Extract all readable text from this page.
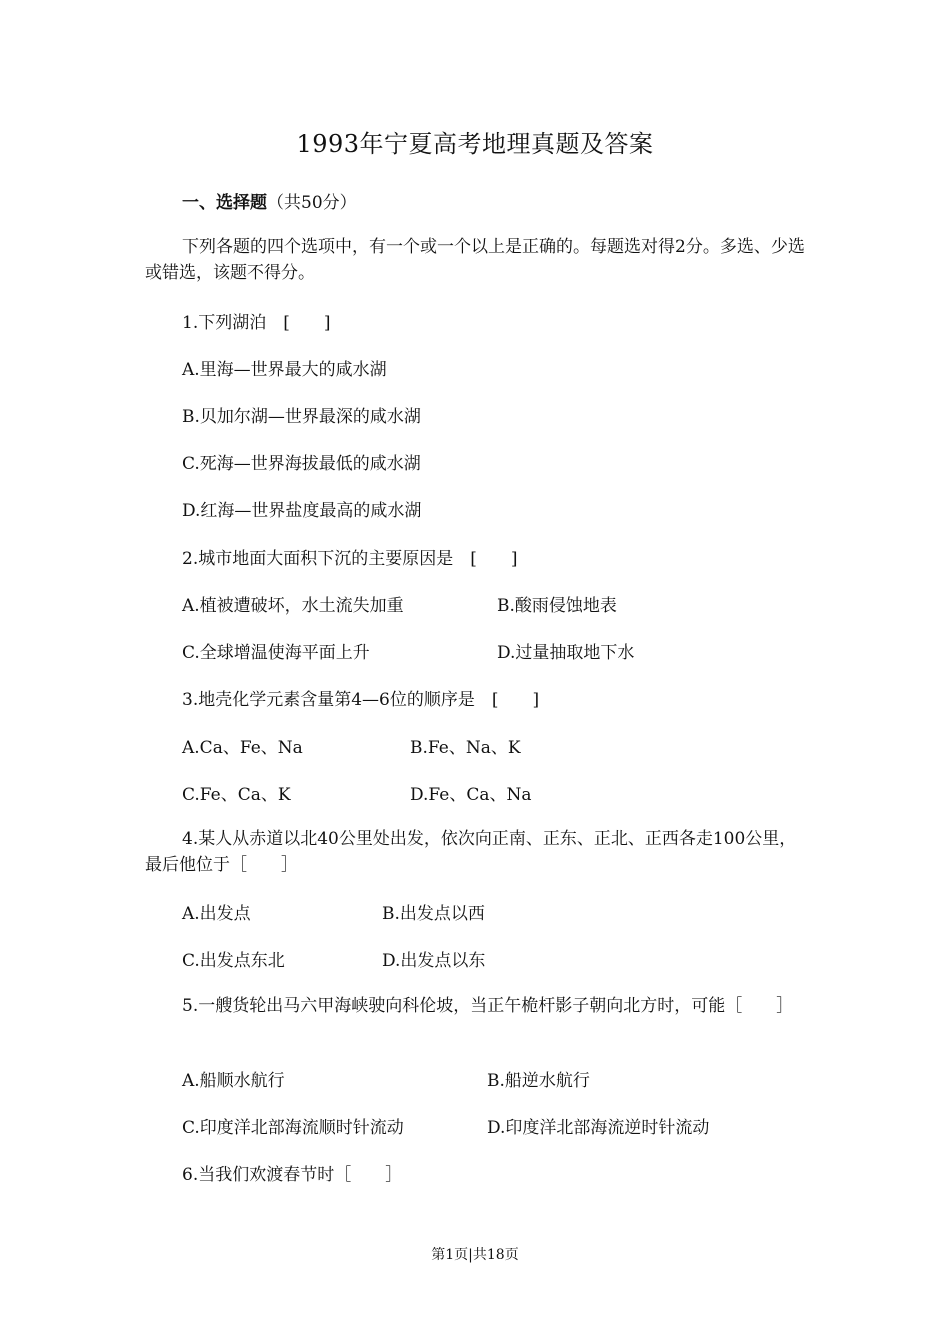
1993年宁夏高考地理真题及答案
一、选择题（共50分）
下列各题的四个选项中，有一个或一个以上是正确的。每题选对得2分。多选、少选或错选，该题不得分。
1.下列湖泊　[　　]
A.里海—世界最大的咸水湖
B.贝加尔湖—世界最深的咸水湖
C.死海—世界海拔最低的咸水湖
D.红海—世界盐度最高的咸水湖
2.城市地面大面积下沉的主要原因是　[　　]
A.植被遭破坏，水土流失加重	B.酸雨侵蚀地表
C.全球增温使海平面上升	D.过量抽取地下水
3.地壳化学元素含量第4—6位的顺序是　[　　]
A.Ca、Fe、Na	B.Fe、Na、K
C.Fe、Ca、K	D.Fe、Ca、Na
4.某人从赤道以北40公里处出发，依次向正南、正东、正北、正西各走100公里，最后他位于［　　］
A.出发点	B.出发点以西
C.出发点东北	D.出发点以东
5.一艘货轮出马六甲海峡驶向科伦坡，当正午桅杆影子朝向北方时，可能［　　］
A.船顺水航行	B.船逆水航行
C.印度洋北部海流顺时针流动	D.印度洋北部海流逆时针流动
6.当我们欢渡春节时［　　］
第1页|共18页
